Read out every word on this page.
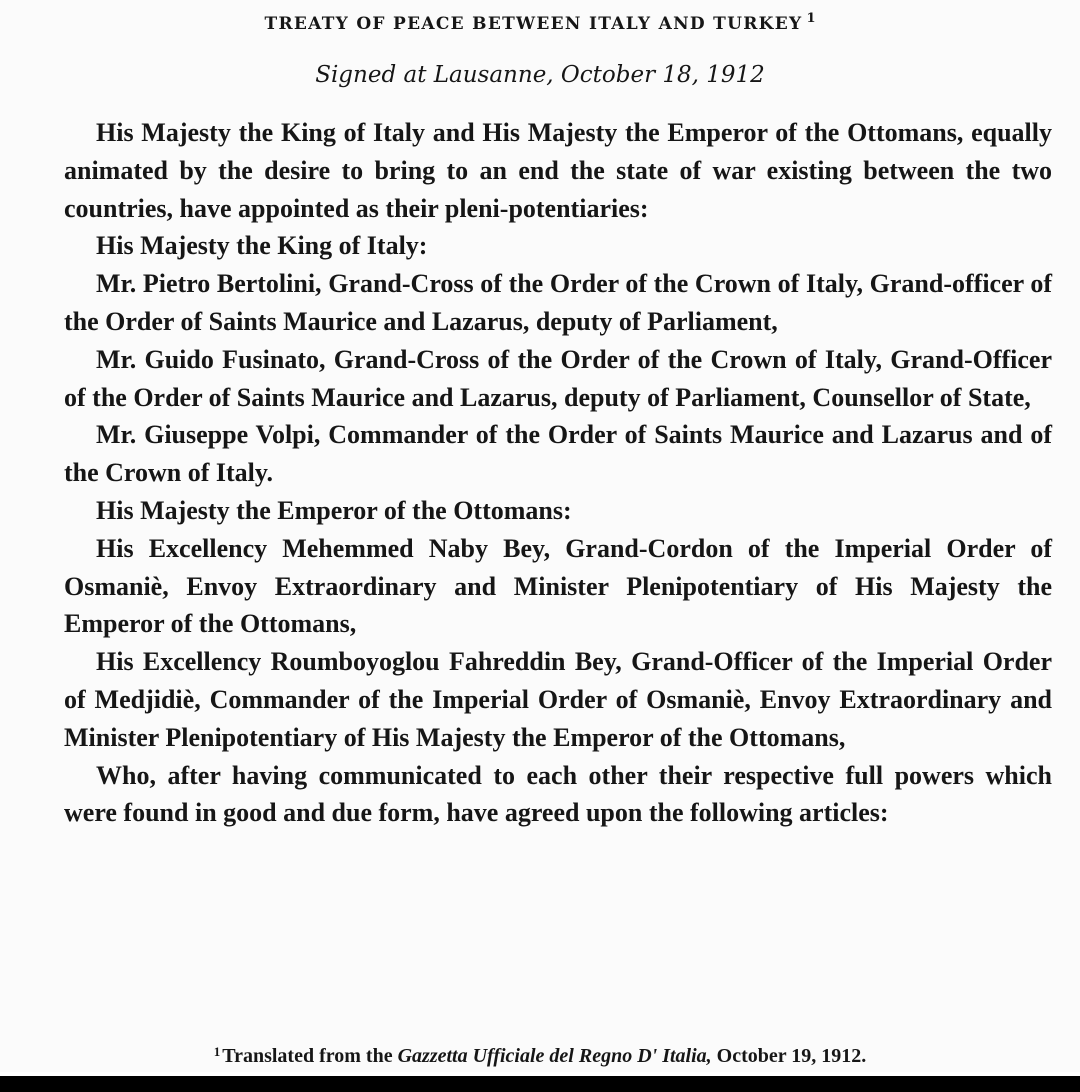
TREATY OF PEACE BETWEEN ITALY AND TURKEY $^1$
Signed at Lausanne, October 18, 1912

His Majesty the King of Italy and His Majesty the Emperor of the Ottomans, equally animated by the desire to bring to an end the state of war existing between the two countries, have appointed as their pleni-potentiaries:

His Majesty the King of Italy:

Mr. Pietro Bertolini, Grand-Cross of the Order of the Crown of Italy, Grand-officer of the Order of Saints Maurice and Lazarus, deputy of Parliament,

Mr. Guido Fusinato, Grand-Cross of the Order of the Crown of Italy, Grand-Officer of the Order of Saints Maurice and Lazarus, deputy of Parliament, Counsellor of State,

Mr. Giuseppe Volpi, Commander of the Order of Saints Maurice and Lazarus and of the Crown of Italy.

His Majesty the Emperor of the Ottomans:

His Excellency Mehemmed Naby Bey, Grand-Cordon of the Imperial Order of Osmaniè, Envoy Extraordinary and Minister Plenipotentiary of His Majesty the Emperor of the Ottomans,

His Excellency Roumboyoglou Fahreddin Bey, Grand-Officer of the Imperial Order of Medjidiè, Commander of the Imperial Order of Osmaniè, Envoy Extraordinary and Minister Plenipotentiary of His Majesty the Emperor of the Ottomans,

Who, after having communicated to each other their respective full powers which were found in good and due form, have agreed upon the following articles:

$^1$ Translated from the Gazzetta Ufficiale del Regno D' Italia, October 19, 1912.
